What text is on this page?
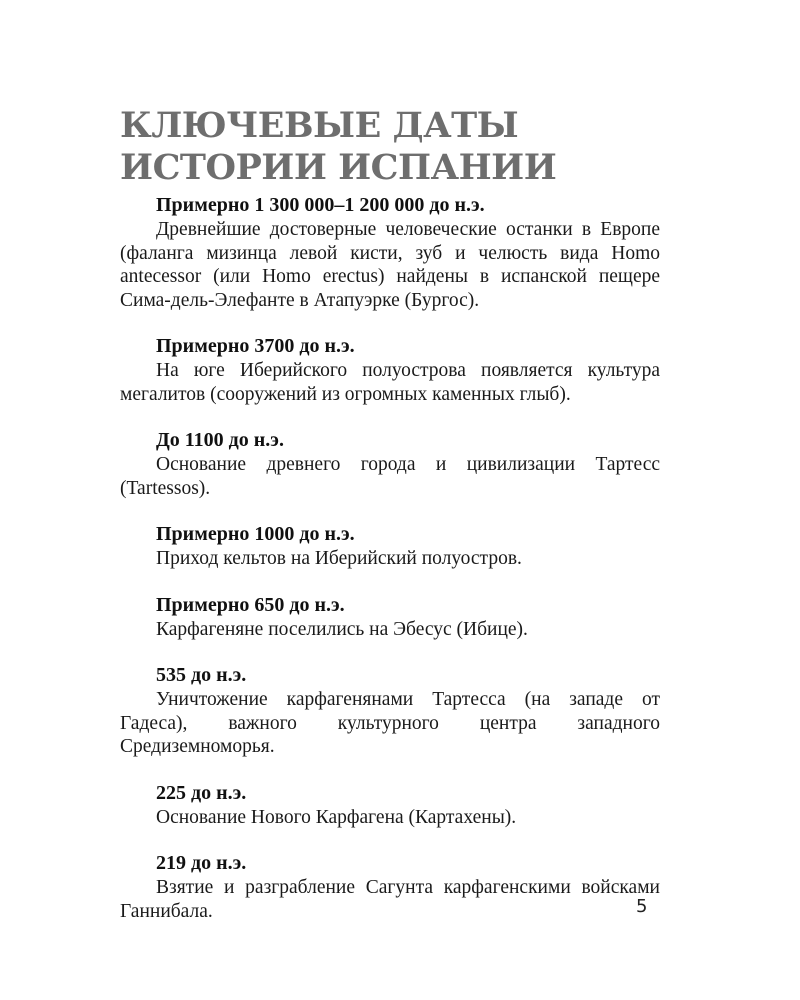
КЛЮЧЕВЫЕ ДАТЫ
ИСТОРИИ ИСПАНИИ
Примерно 1 300 000–1 200 000 до н.э.

Древнейшие достоверные человеческие останки в Европе (фаланга мизинца левой кисти, зуб и челюсть вида Homo antecessor (или Homo erectus) найдены в испанской пещере Сима-дель-Элефанте в Атапуэрке (Бургос).

Примерно 3700 до н.э.

На юге Иберийского полуострова появляется культура мегалитов (сооружений из огромных каменных глыб).

До 1100 до н.э.

Основание древнего города и цивилизации Тартесс (Tartessos).

Примерно 1000 до н.э.

Приход кельтов на Иберийский полуостров.

Примерно 650 до н.э.

Карфагеняне поселились на Эбесус (Ибице).

535 до н.э.

Уничтожение карфагенянами Тартесса (на западе от Гадеса), важного культурного центра западного Средиземноморья.

225 до н.э.

Основание Нового Карфагена (Картахены).

219 до н.э.

Взятие и разграбление Сагунта карфагенскими войсками Ганнибала.	5
